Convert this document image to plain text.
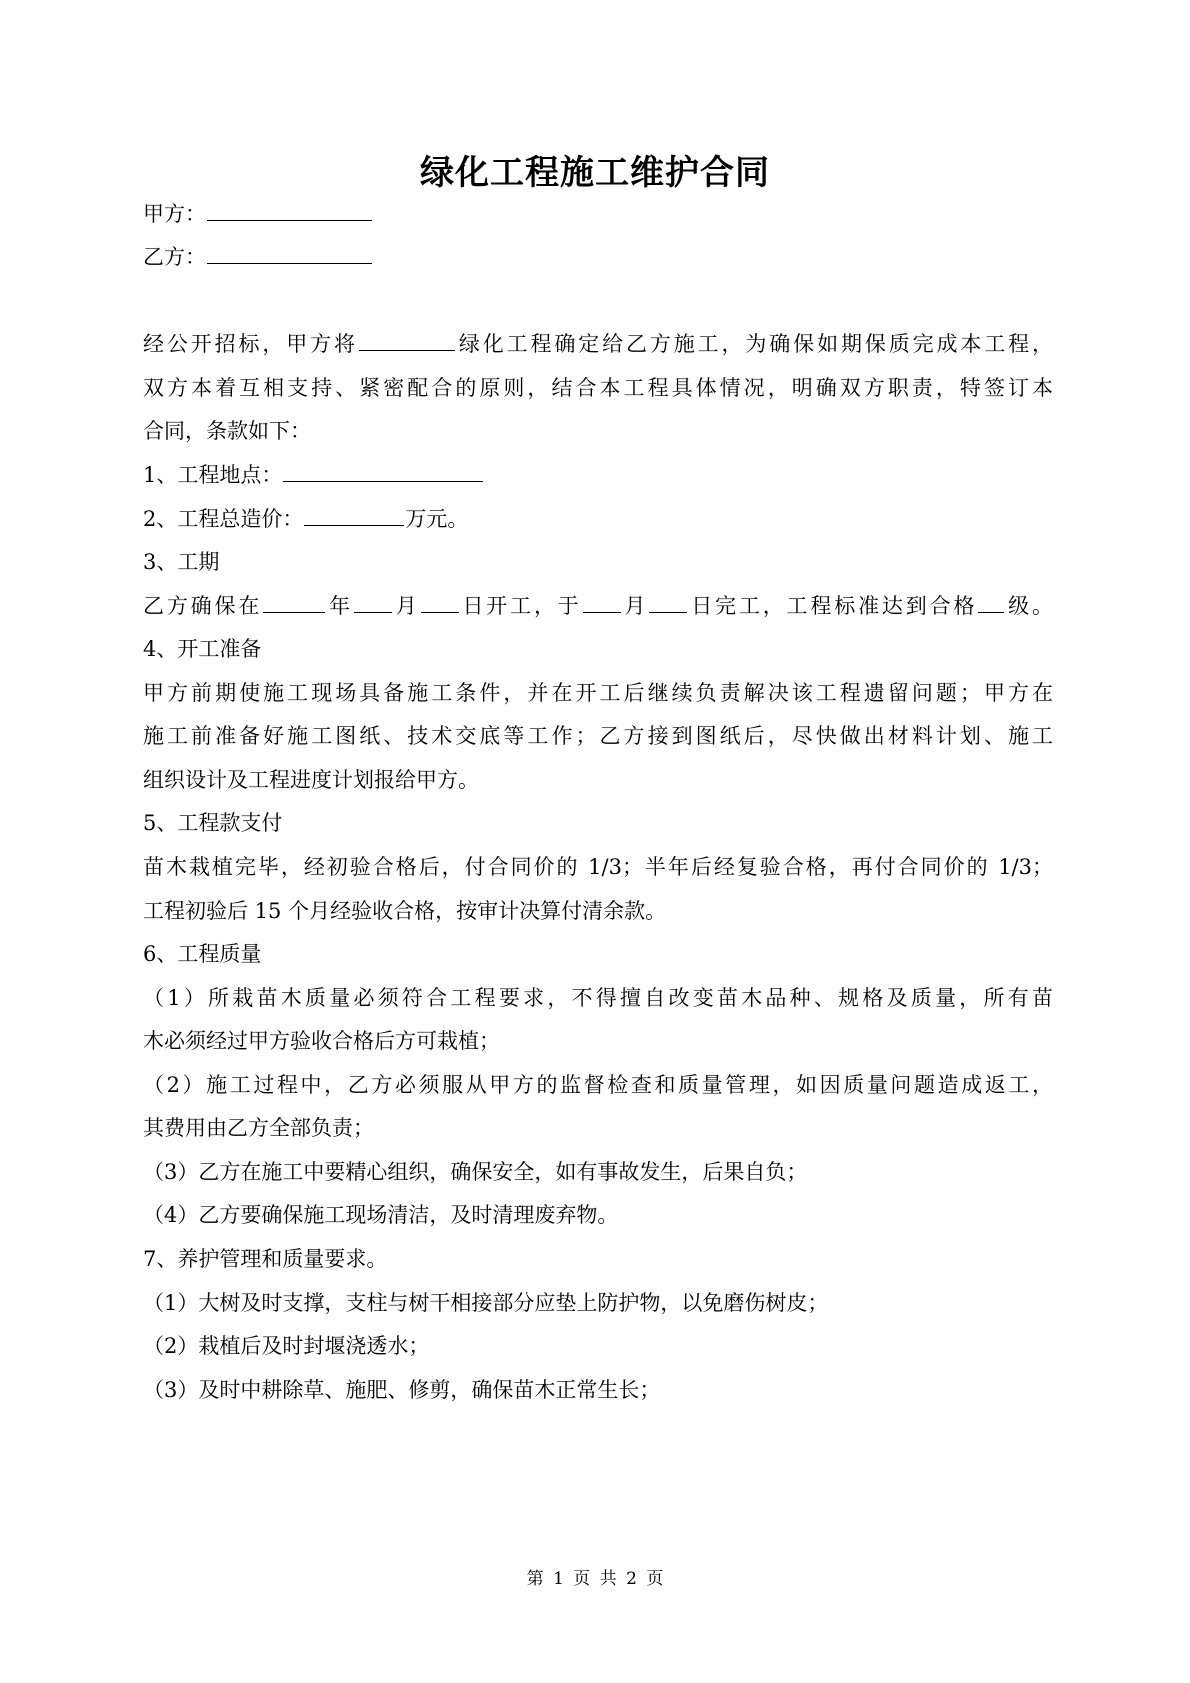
绿化工程施工维护合同
甲方：
乙方：
经公开招标，甲方将	绿化工程确定给乙方施工，为确保如期保质完成本工程，
双方本着互相支持、紧密配合的原则，结合本工程具体情况，明确双方职责，特签订本
合同，条款如下：
1、工程地点：
2、工程总造价：	万元。
3、工期
乙方确保在	年 月 日开工，于 月 日完工，工程标准达到合格 级。
4、开工准备
甲方前期使施工现场具备施工条件，并在开工后继续负责解决该工程遗留问题；甲方在
施工前准备好施工图纸、技术交底等工作；乙方接到图纸后，尽快做出材料计划、施工
组织设计及工程进度计划报给甲方。
5、工程款支付
苗木栽植完毕，经初验合格后，付合同价的 1/3；半年后经复验合格，再付合同价的 1/3；
工程初验后 15 个月经验收合格，按审计决算付清余款。
6、工程质量
（1）所栽苗木质量必须符合工程要求，不得擅自改变苗木品种、规格及质量，所有苗
木必须经过甲方验收合格后方可栽植；
（2）施工过程中，乙方必须服从甲方的监督检查和质量管理，如因质量问题造成返工，
其费用由乙方全部负责；
（3）乙方在施工中要精心组织，确保安全，如有事故发生，后果自负；
（4）乙方要确保施工现场清洁，及时清理废弃物。
7、养护管理和质量要求。
（1）大树及时支撑，支柱与树干相接部分应垫上防护物，以免磨伤树皮；
（2）栽植后及时封堰浇透水；
（3）及时中耕除草、施肥、修剪，确保苗木正常生长；
第 1 页 共 2 页
